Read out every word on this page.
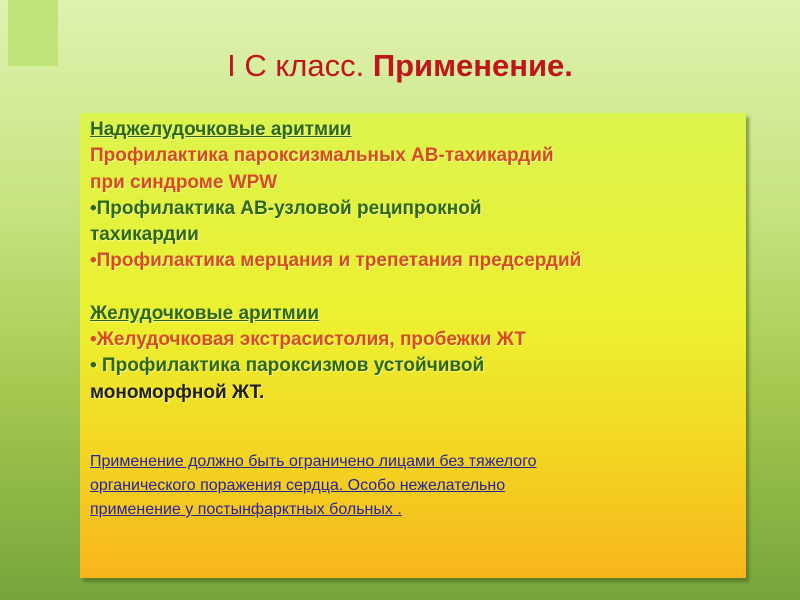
I С класс. Применение.
Наджелудочковые аритмии
Профилактика пароксизмальных АВ-тахикардий
при синдроме WPW
•Профилактика АВ-узловой реципрокной
тахикардии
•Профилактика мерцания и трепетания предсердий
Желудочковые аритмии
•Желудочковая экстрасистолия, пробежки ЖТ
• Профилактика пароксизмов устойчивой
мономорфной ЖТ.
Применение должно быть ограничено лицами без тяжелого
органического поражения сердца. Особо нежелательно
применение у постынфарктных больных .
